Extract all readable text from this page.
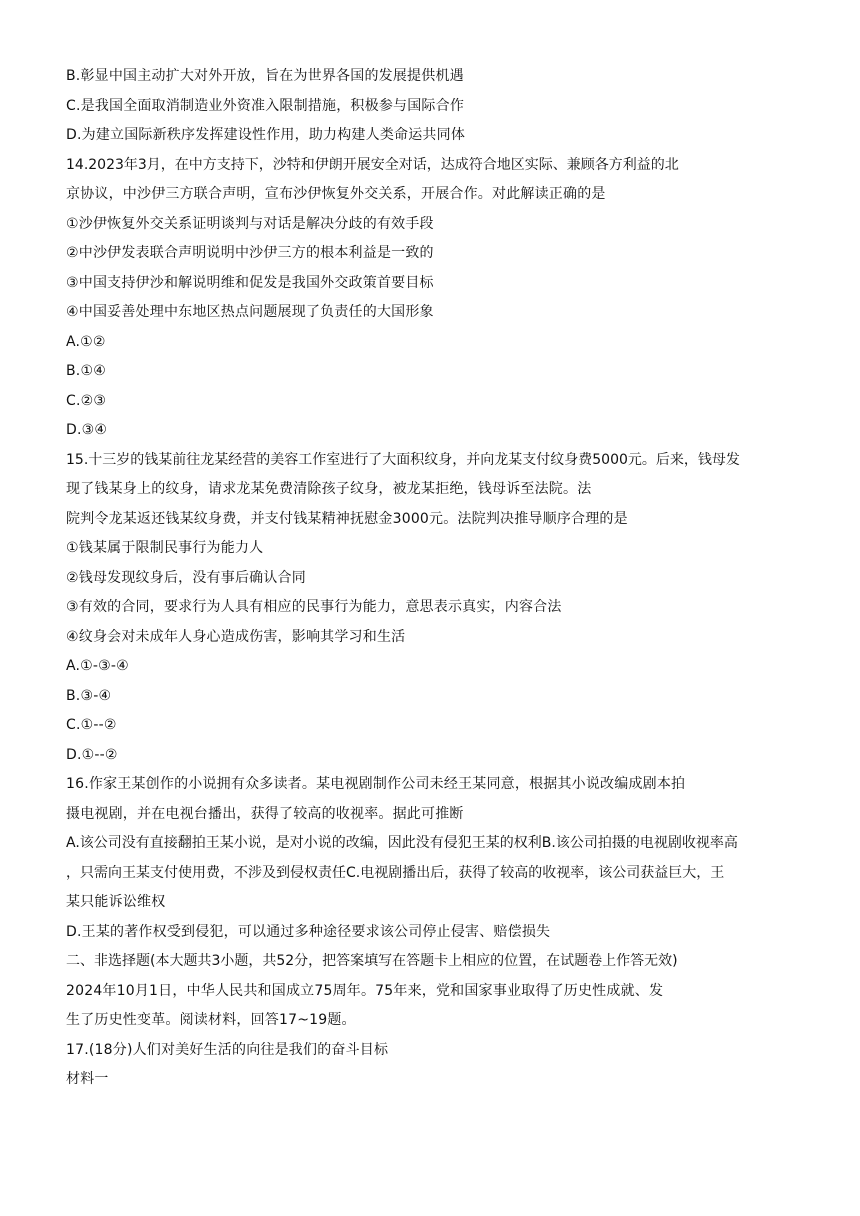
B.彰显中国主动扩大对外开放，旨在为世界各国的发展提供机遇
C.是我国全面取消制造业外资准入限制措施，积极参与国际合作
D.为建立国际新秩序发挥建设性作用，助力构建人类命运共同体
14.2023年3月，在中方支持下，沙特和伊朗开展安全对话，达成符合地区实际、兼顾各方利益的北
京协议，中沙伊三方联合声明，宣布沙伊恢复外交关系，开展合作。对此解读正确的是
①沙伊恢复外交关系证明谈判与对话是解决分歧的有效手段
②中沙伊发表联合声明说明中沙伊三方的根本利益是一致的
③中国支持伊沙和解说明维和促发是我国外交政策首要目标
④中国妥善处理中东地区热点问题展现了负责任的大国形象
A.①②
B.①④
C.②③
D.③④
15.十三岁的钱某前往龙某经营的美容工作室进行了大面积纹身，并向龙某支付纹身费5000元。后来，钱母发
现了钱某身上的纹身，请求龙某免费清除孩子纹身，被龙某拒绝，钱母诉至法院。法
院判令龙某返还钱某纹身费，并支付钱某精神抚慰金3000元。法院判决推导顺序合理的是
①钱某属于限制民事行为能力人
②钱母发现纹身后，没有事后确认合同
③有效的合同，要求行为人具有相应的民事行为能力，意思表示真实，内容合法
④纹身会对未成年人身心造成伤害，影响其学习和生活
A.①-③-④
B.③-④
C.①--②
D.①--②
16.作家王某创作的小说拥有众多读者。某电视剧制作公司未经王某同意，根据其小说改编成剧本拍
摄电视剧，并在电视台播出，获得了较高的收视率。据此可推断
A.该公司没有直接翻拍王某小说，是对小说的改编，因此没有侵犯王某的权利B.该公司拍摄的电视剧收视率高
，只需向王某支付使用费，不涉及到侵权责任C.电视剧播出后，获得了较高的收视率，该公司获益巨大，王
某只能诉讼维权
D.王某的著作权受到侵犯，可以通过多种途径要求该公司停止侵害、赔偿损失
二、非选择题(本大题共3小题，共52分，把答案填写在答题卡上相应的位置，在试题卷上作答无效)
2024年10月1日，中华人民共和国成立75周年。75年来，党和国家事业取得了历史性成就、发
生了历史性变革。阅读材料，回答17~19题。
17.(18分)人们对美好生活的向往是我们的奋斗目标
材料一
